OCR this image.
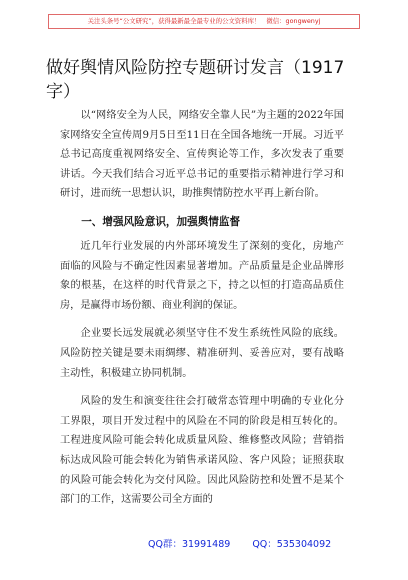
关注头条号“公文研究”，获得最新最全最专业的公文资料库！ 微信：gongwenyj
做好舆情风险防控专题研讨发言（1917字）

以“网络安全为人民，网络安全靠人民”为主题的2022年国家网络安全宣传周9月5日至11日在全国各地统一开展。习近平总书记高度重视网络安全、宣传舆论等工作，多次发表了重要讲话。今天我们结合习近平总书记的重要指示精神进行学习和研讨，进而统一思想认识，助推舆情防控水平再上新台阶。

一、增强风险意识，加强舆情监督

近几年行业发展的内外部环境发生了深刻的变化，房地产面临的风险与不确定性因素显著增加。产品质量是企业品牌形象的根基，在这样的时代背景之下，持之以恒的打造高品质住房，是赢得市场份额、商业利润的保证。

企业要长远发展就必须坚守住不发生系统性风险的底线。风险防控关键是要未雨绸缪、精准研判、妥善应对，要有战略主动性，积极建立协同机制。

风险的发生和演变往往会打破常态管理中明确的专业化分工界限，项目开发过程中的风险在不同的阶段是相互转化的。工程进度风险可能会转化成质量风险、维修整改风险；营销指标达成风险可能会转化为销售承诺风险、客户风险；证照获取的风险可能会转化为交付风险。因此风险防控和处置不是某个部门的工作，这需要公司全方面的

QQ群：31991489 QQ：535304092
